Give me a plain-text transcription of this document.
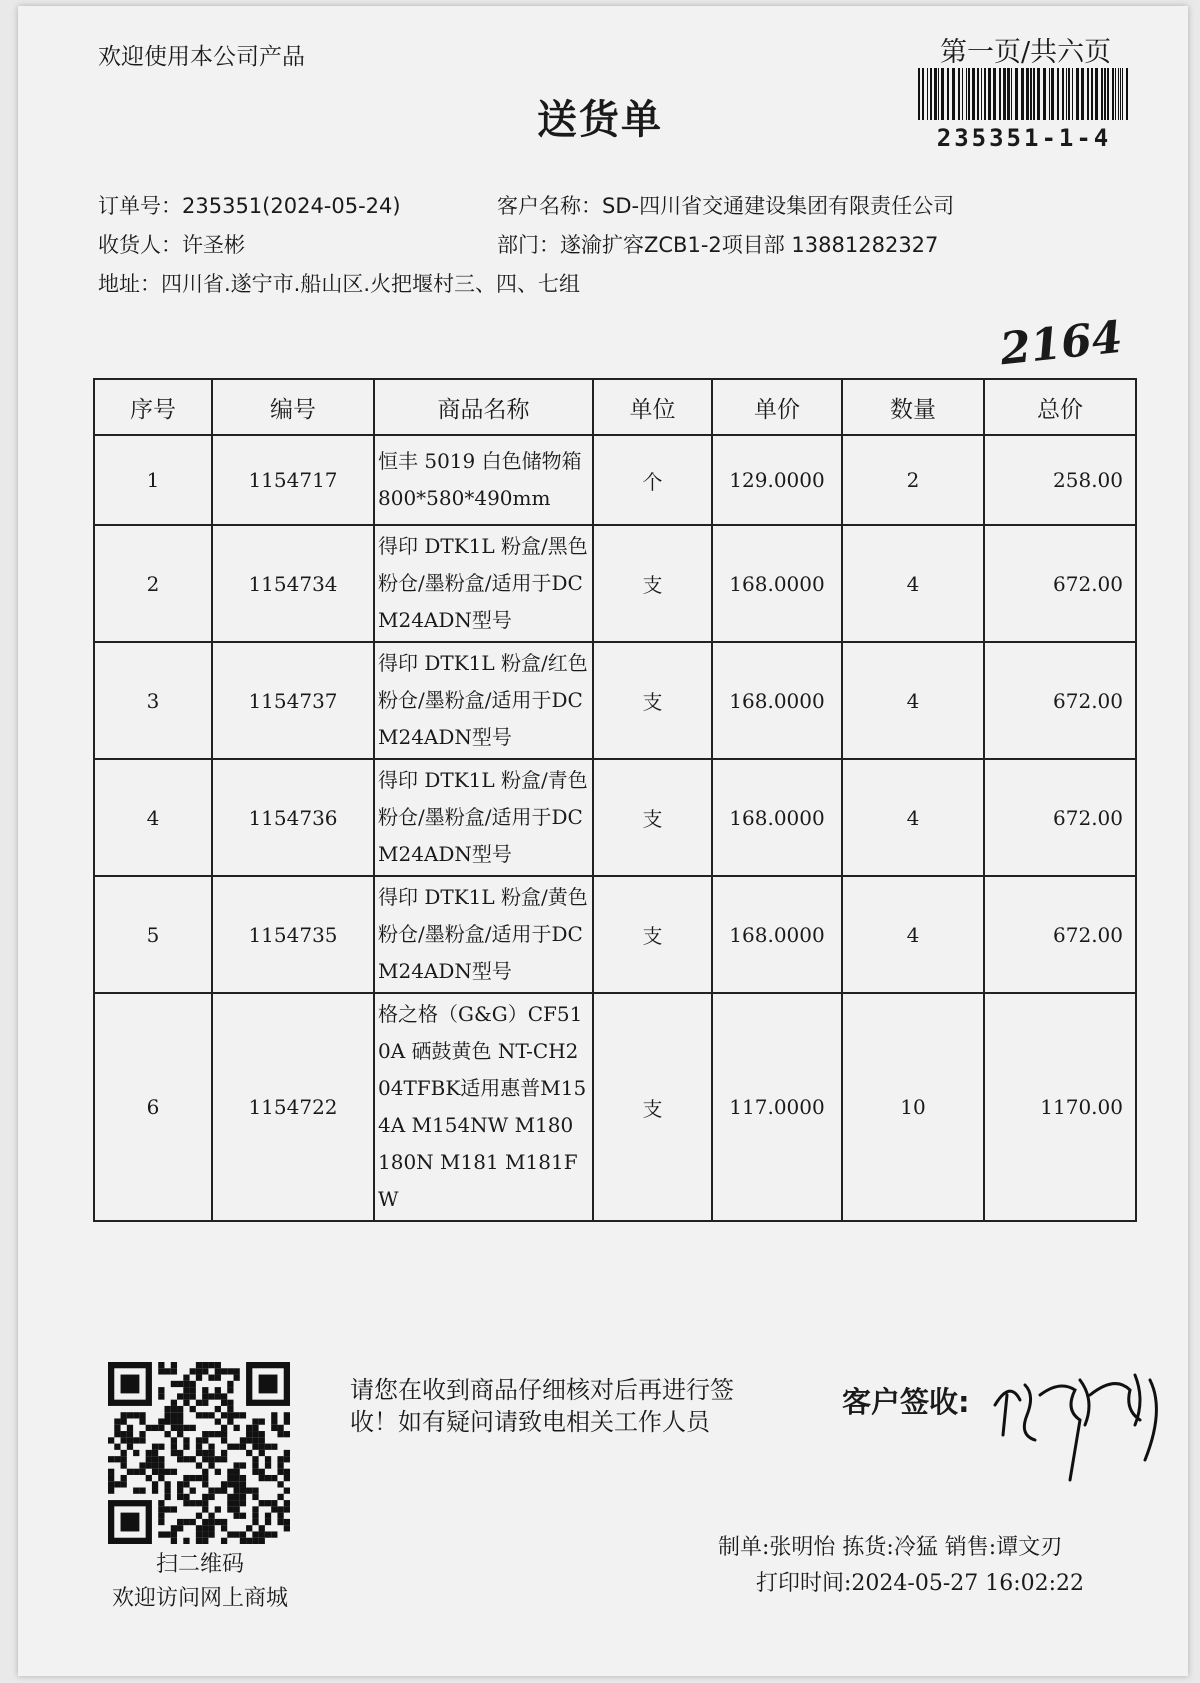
欢迎使用本公司产品	第一页/共六页
235351-1-4
送货单
订单号：235351(2024-05-24)
收货人：许圣彬
地址：四川省.遂宁市.船山区.火把堰村三、四、七组
客户名称：SD-四川省交通建设集团有限责任公司
部门：遂渝扩容ZCB1-2项目部 13881282327
2164
序号	编号	商品名称	单位	单价	数量	总价
1	1154717	恒丰 5019 白色储物箱 800*580*490mm	个	129.0000	2	258.00
2	1154734	得印 DTK1L 粉盒/黑色粉仓/墨粉盒/适用于DCM24ADN型号	支	168.0000	4	672.00
3	1154737	得印 DTK1L 粉盒/红色粉仓/墨粉盒/适用于DCM24ADN型号	支	168.0000	4	672.00
4	1154736	得印 DTK1L 粉盒/青色粉仓/墨粉盒/适用于DCM24ADN型号	支	168.0000	4	672.00
5	1154735	得印 DTK1L 粉盒/黄色粉仓/墨粉盒/适用于DCM24ADN型号	支	168.0000	4	672.00
6	1154722	格之格（G&G）CF510A 硒鼓黄色 NT-CH204TFBK适用惠普M154A M154NW M180 180N M181 M181FW	支	117.0000	10	1170.00
扫二维码
欢迎访问网上商城
请您在收到商品仔细核对后再进行签收！如有疑问请致电相关工作人员
客户签收:
制单:张明怡 拣货:冷猛 销售:谭文刃
打印时间:2024-05-27 16:02:22
